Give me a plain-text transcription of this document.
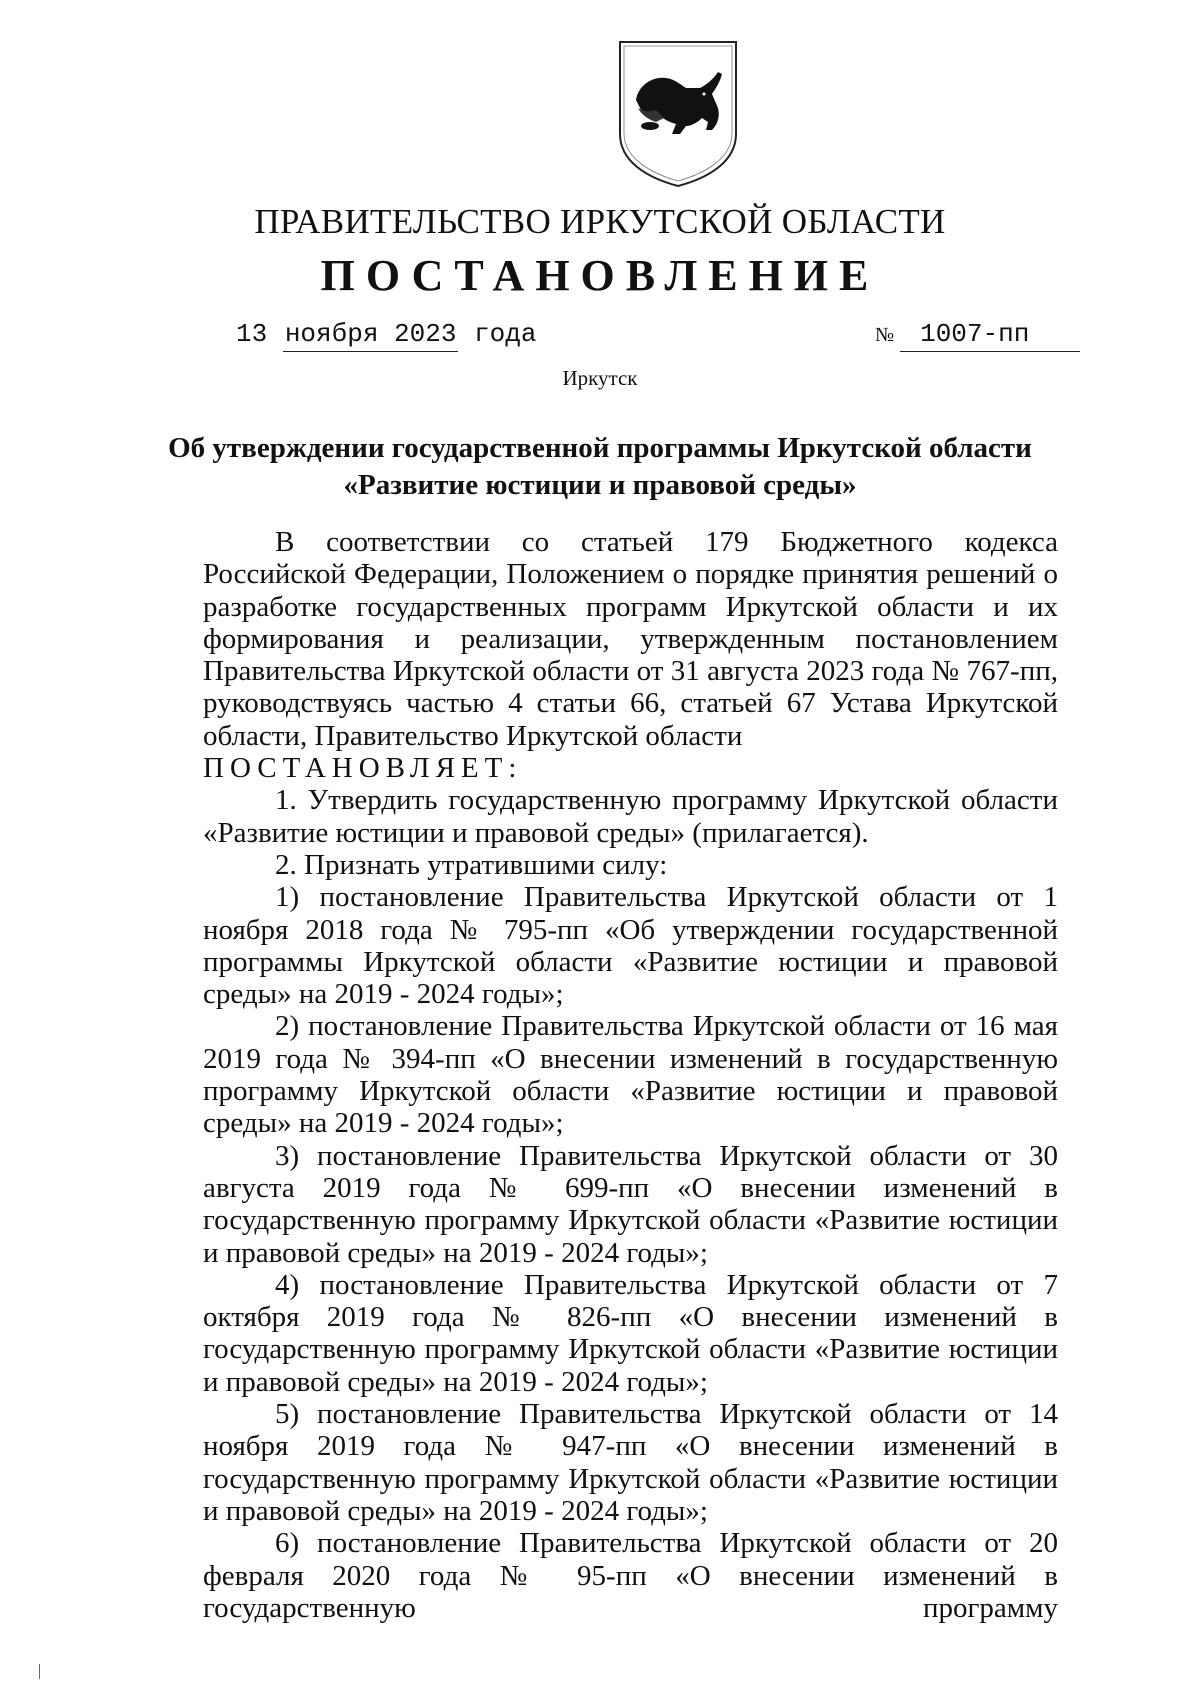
ПРАВИТЕЛЬСТВО ИРКУТСКОЙ ОБЛАСТИ
ПОСТАНОВЛЕНИЕ
13 ноября 2023 года	№ 1007-пп
Иркутск
Об утверждении государственной программы Иркутской области
«Развитие юстиции и правовой среды»

В соответствии со статьей 179 Бюджетного кодекса Российской Федерации, Положением о порядке принятия решений о разработке государственных программ Иркутской области и их формирования и реализации, утвержденным постановлением Правительства Иркутской области от 31 августа 2023 года № 767-пп, руководствуясь частью 4 статьи 66, статьей 67 Устава Иркутской области, Правительство Иркутской области

ПОСТАНОВЛЯЕТ:

1. Утвердить государственную программу Иркутской области «Развитие юстиции и правовой среды» (прилагается).

2. Признать утратившими силу:

1) постановление Правительства Иркутской области от 1 ноября 2018 года № 795-пп «Об утверждении государственной программы Иркутской области «Развитие юстиции и правовой среды» на 2019 - 2024 годы»;

2) постановление Правительства Иркутской области от 16 мая 2019 года № 394-пп «О внесении изменений в государственную программу Иркутской области «Развитие юстиции и правовой среды» на 2019 - 2024 годы»;

3) постановление Правительства Иркутской области от 30 августа 2019 года № 699-пп «О внесении изменений в государственную программу Иркутской области «Развитие юстиции и правовой среды» на 2019 - 2024 годы»;

4) постановление Правительства Иркутской области от 7 октября 2019 года № 826-пп «О внесении изменений в государственную программу Иркутской области «Развитие юстиции и правовой среды» на 2019 - 2024 годы»;

5) постановление Правительства Иркутской области от 14 ноября 2019 года № 947-пп «О внесении изменений в государственную программу Иркутской области «Развитие юстиции и правовой среды» на 2019 - 2024 годы»;

6) постановление Правительства Иркутской области от 20 февраля 2020 года № 95-пп «О внесении изменений в государственную программу
